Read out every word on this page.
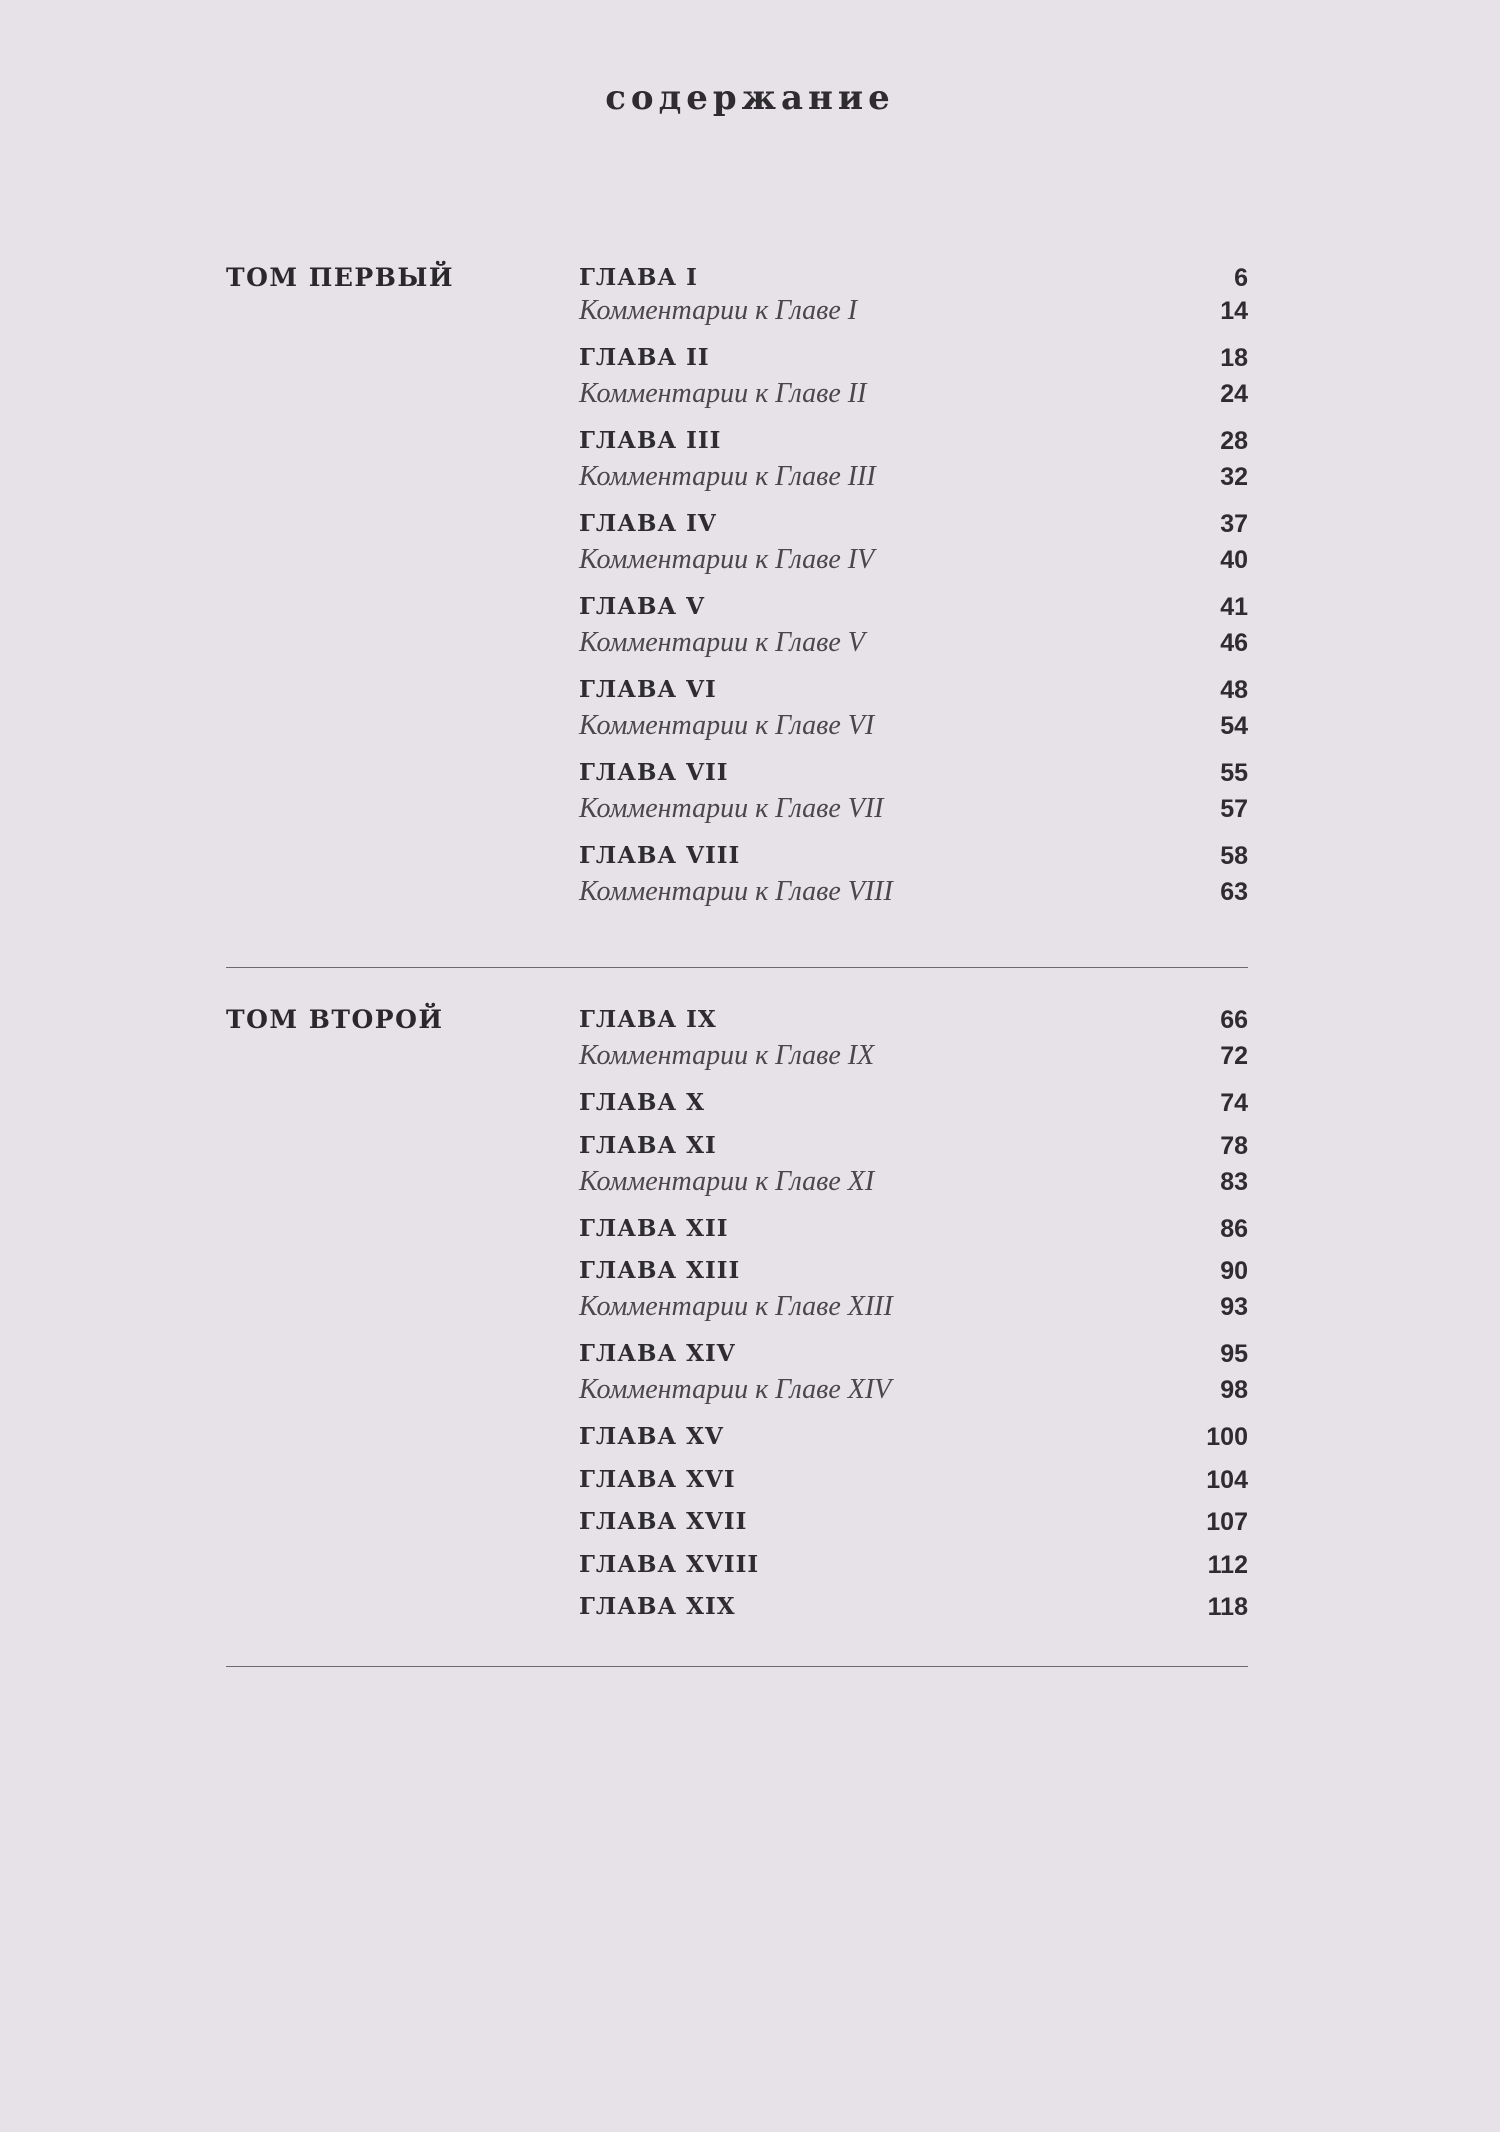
содержание
ТОМ ПЕРВЫЙ	ГЛАВА I	6
Комментарии к Главе I	14
ГЛАВА II	18
Комментарии к Главе II	24
ГЛАВА III	28
Комментарии к Главе III	32
ГЛАВА IV	37
Комментарии к Главе IV	40
ГЛАВА V	41
Комментарии к Главе V	46
ГЛАВА VI	48
Комментарии к Главе VI	54
ГЛАВА VII	55
Комментарии к Главе VII	57
ГЛАВА VIII	58
Комментарии к Главе VIII	63
ТОМ ВТОРОЙ	ГЛАВА IX	66
Комментарии к Главе IX	72
ГЛАВА X	74
ГЛАВА XI	78
Комментарии к Главе XI	83
ГЛАВА XII	86
ГЛАВА XIII	90
Комментарии к Главе XIII	93
ГЛАВА XIV	95
Комментарии к Главе XIV	98
ГЛАВА XV	100
ГЛАВА XVI	104
ГЛАВА XVII	107
ГЛАВА XVIII	112
ГЛАВА XIX	118
